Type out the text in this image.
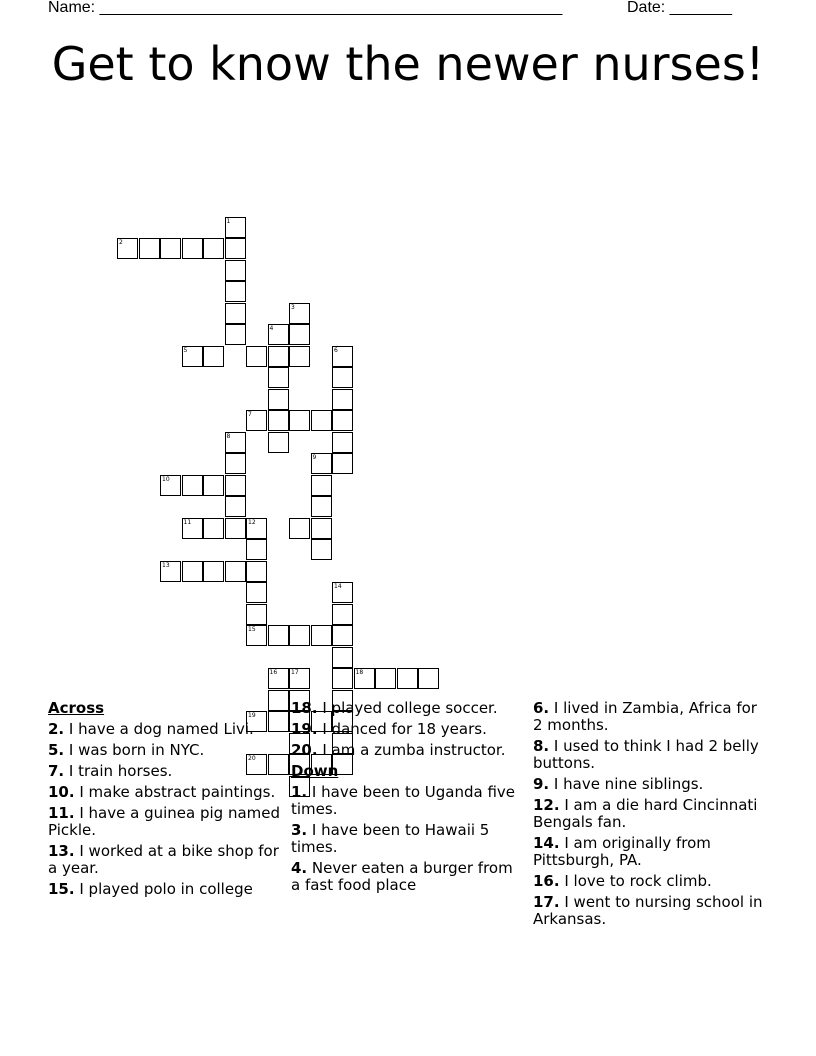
Name: ____________________________________________________	Date: _______
Get to know the newer nurses!
1
2
3
4
5	6
7
8
9
10
11	12
13
14
15
16 17	18
19
20
Across
2. I have a dog named Livi.
5. I was born in NYC.
7. I train horses.
10. I make abstract paintings.
11. I have a guinea pig named Pickle.
13. I worked at a bike shop for a year.
15. I played polo in college
18. I played college soccer.
19. I danced for 18 years.
20. I am a zumba instructor.
Down
1. I have been to Uganda five times.
3. I have been to Hawaii 5 times.
4. Never eaten a burger from a fast food place
6. I lived in Zambia, Africa for 2 months.
8. I used to think I had 2 belly buttons.
9. I have nine siblings.
12. I am a die hard Cincinnati Bengals fan.
14. I am originally from Pittsburgh, PA.
16. I love to rock climb.
17. I went to nursing school in Arkansas.
